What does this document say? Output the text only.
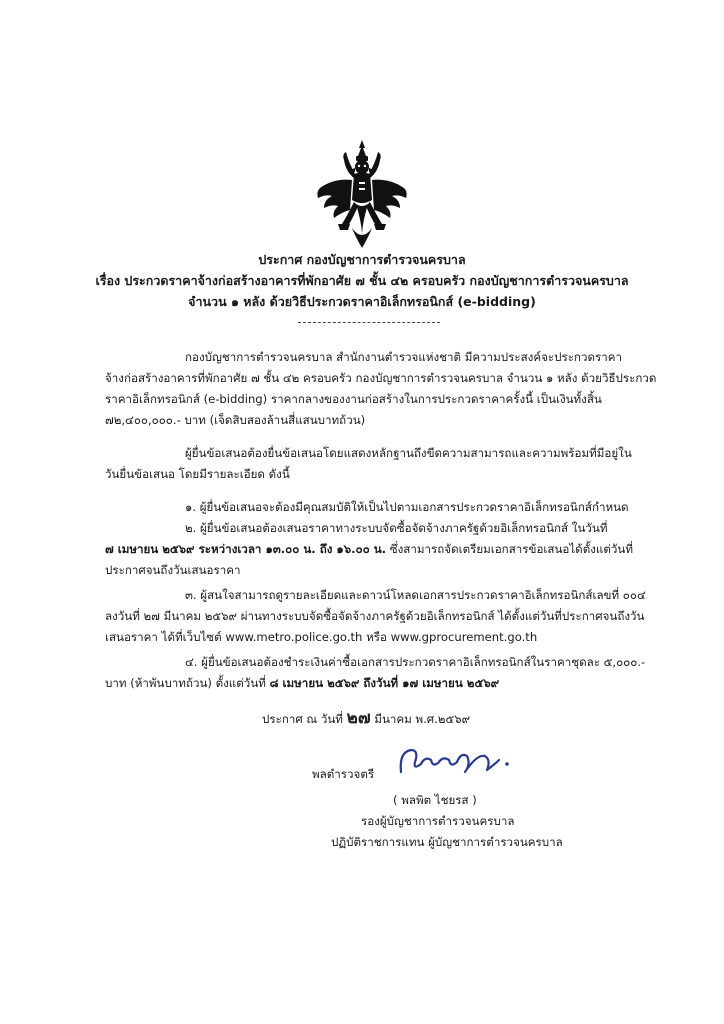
ประกาศ กองบัญชาการตำรวจนครบาล
เรื่อง ประกวดราคาจ้างก่อสร้างอาคารที่พักอาศัย ๗ ชั้น ๔๒ ครอบครัว กองบัญชาการตำรวจนครบาล
จำนวน ๑ หลัง ด้วยวิธีประกวดราคาอิเล็กทรอนิกส์ (e-bidding)
กองบัญชาการตำรวจนครบาล สำนักงานตำรวจแห่งชาติ มีความประสงค์จะประกวดราคา
จ้างก่อสร้างอาคารที่พักอาศัย ๗ ชั้น ๔๒ ครอบครัว กองบัญชาการตำรวจนครบาล จำนวน ๑ หลัง ด้วยวิธีประกวด
ราคาอิเล็กทรอนิกส์ (e-bidding) ราคากลางของงานก่อสร้างในการประกวดราคาครั้งนี้ เป็นเงินทั้งสิ้น
๗๒,๔๐๐,๐๐๐.- บาท (เจ็ดสิบสองล้านสี่แสนบาทถ้วน)
ผู้ยื่นข้อเสนอต้องยื่นข้อเสนอโดยแสดงหลักฐานถึงขีดความสามารถและความพร้อมที่มีอยู่ใน
วันยื่นข้อเสนอ โดยมีรายละเอียด ดังนี้
๑. ผู้ยื่นข้อเสนอจะต้องมีคุณสมบัติให้เป็นไปตามเอกสารประกวดราคาอิเล็กทรอนิกส์กำหนด
๒. ผู้ยื่นข้อเสนอต้องเสนอราคาทางระบบจัดซื้อจัดจ้างภาครัฐด้วยอิเล็กทรอนิกส์ ในวันที่
๗ เมษายน ๒๕๖๙ ระหว่างเวลา ๑๓.๐๐ น. ถึง ๑๖.๐๐ น. ซึ่งสามารถจัดเตรียมเอกสารข้อเสนอได้ตั้งแต่วันที่
ประกาศจนถึงวันเสนอราคา
๓. ผู้สนใจสามารถดูรายละเอียดและดาวน์โหลดเอกสารประกวดราคาอิเล็กทรอนิกส์เลขที่ ๐๐๔
ลงวันที่ ๒๗ มีนาคม ๒๕๖๙ ผ่านทางระบบจัดซื้อจัดจ้างภาครัฐด้วยอิเล็กทรอนิกส์ ได้ตั้งแต่วันที่ประกาศจนถึงวัน
เสนอราคา ได้ที่เว็บไซต์ www.metro.police.go.th หรือ www.gprocurement.go.th
๔. ผู้ยื่นข้อเสนอต้องชำระเงินค่าซื้อเอกสารประกวดราคาอิเล็กทรอนิกส์ในราคาชุดละ ๕,๐๐๐.-
บาท (ห้าพันบาทถ้วน) ตั้งแต่วันที่ ๘ เมษายน ๒๕๖๙ ถึงวันที่ ๑๗ เมษายน ๒๕๖๙
ประกาศ ณ วันที่ ๒๗ มีนาคม พ.ศ.๒๕๖๙
พลตำรวจตรี
( พลพิต ไชยรส )
รองผู้บัญชาการตำรวจนครบาล
ปฏิบัติราชการแทน ผู้บัญชาการตำรวจนครบาล
